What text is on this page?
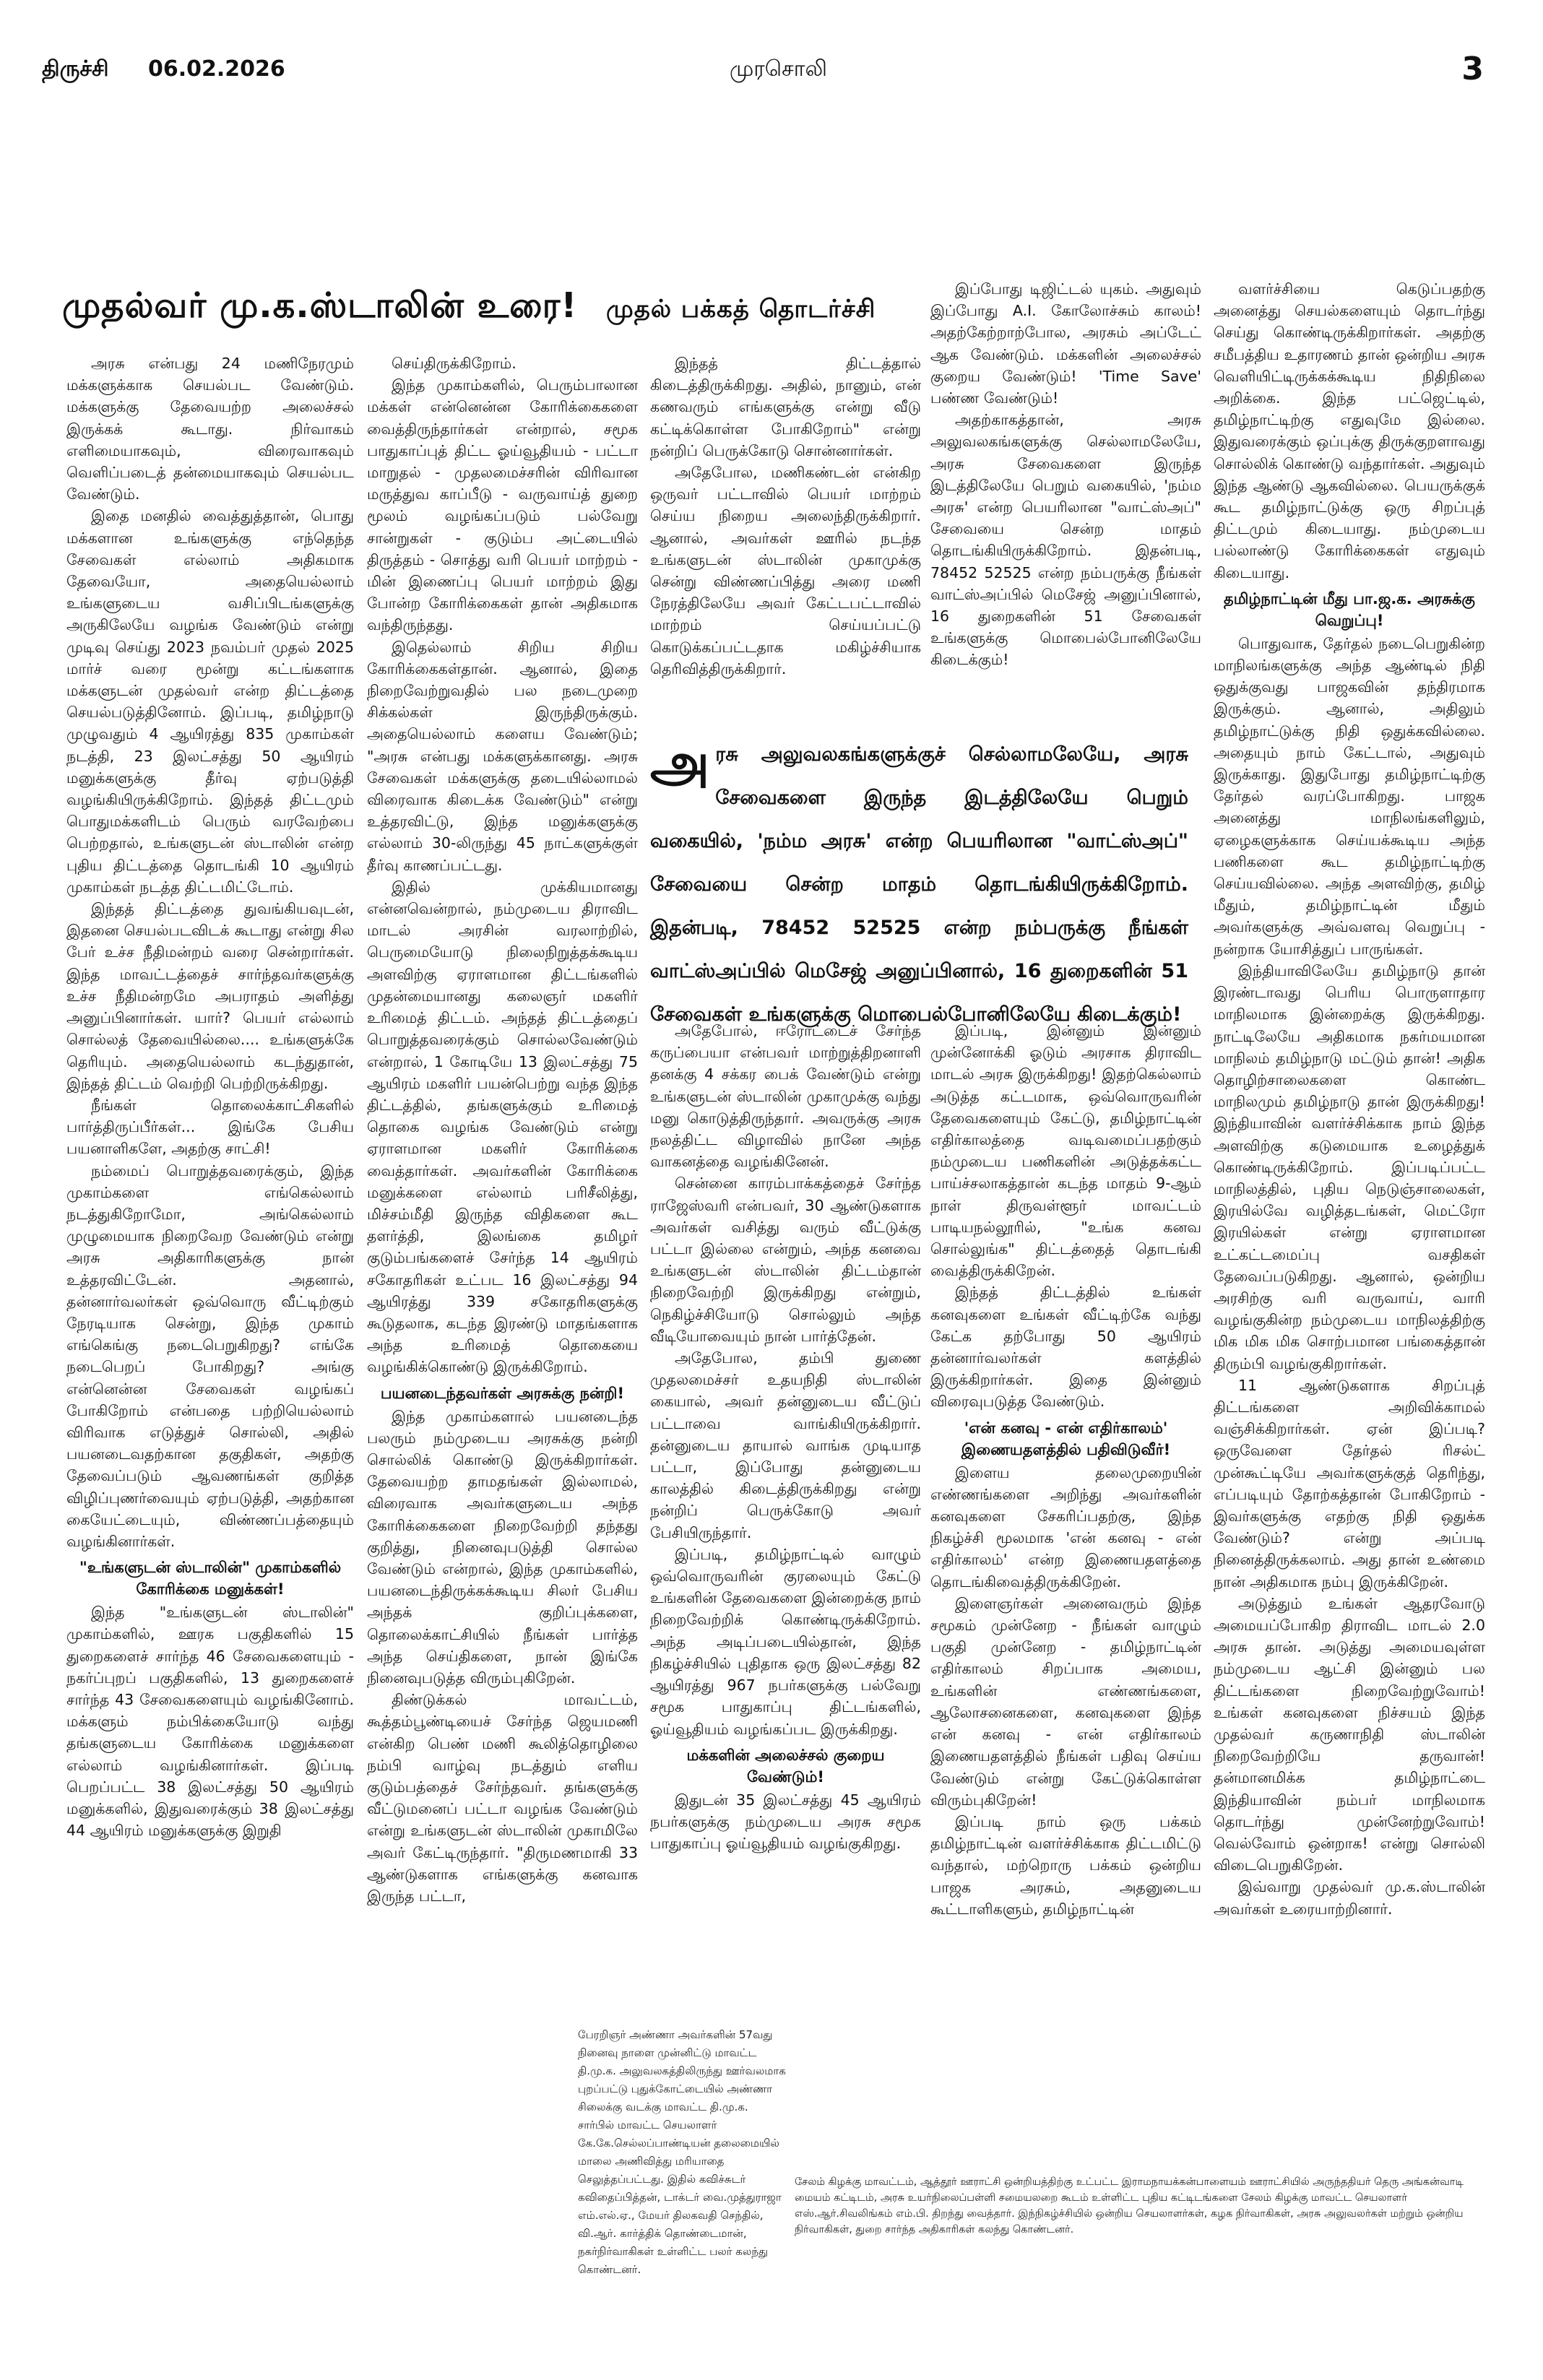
திருச்சி 06.02.2026	முரசொலி	3
முதல்வர் மு.க.ஸ்டாலின் உரை! முதல் பக்கத் தொடர்ச்சி

அரசு என்பது 24 மணிநேரமும் மக்களுக்காக செயல்பட வேண்டும். மக்களுக்கு தேவையற்ற அலைச்சல் இருக்கக் கூடாது. நிர்வாகம் எளிமையாகவும், விரைவாகவும் வெளிப்படைத் தன்மையாகவும் செயல்பட வேண்டும்.

இதை மனதில் வைத்துத்தான், பொது மக்களான உங்களுக்கு எந்தெந்த சேவைகள் எல்லாம் அதிகமாக தேவையோ, அதையெல்லாம் உங்களுடைய வசிப்பிடங்களுக்கு அருகிலேயே வழங்க வேண்டும் என்று முடிவு செய்து 2023 நவம்பர் முதல் 2025 மார்ச் வரை மூன்று கட்டங்களாக மக்களுடன் முதல்வர் என்ற திட்டத்தை செயல்படுத்தினோம். இப்படி, தமிழ்நாடு முழுவதும் 4 ஆயிரத்து 835 முகாம்கள் நடத்தி, 23 இலட்சத்து 50 ஆயிரம் மனுக்களுக்கு தீர்வு ஏற்படுத்தி வழங்கியிருக்கிறோம். இந்தத் திட்டமும் பொதுமக்களிடம் பெரும் வரவேற்பை பெற்றதால், உங்களுடன் ஸ்டாலின் என்ற புதிய திட்டத்தை தொடங்கி 10 ஆயிரம் முகாம்கள் நடத்த திட்டமிட்டோம்.

இந்தத் திட்டத்தை துவங்கியவுடன், இதனை செயல்படவிடக் கூடாது என்று சில பேர் உச்ச நீதிமன்றம் வரை சென்றார்கள். இந்த மாவட்டத்தைச் சார்ந்தவர்களுக்கு உச்ச நீதிமன்றமே அபராதம் அளித்து அனுப்பினார்கள். யார்? பெயர் எல்லாம் சொல்லத் தேவையில்லை.... உங்களுக்கே தெரியும். அதையெல்லாம் கடந்துதான், இந்தத் திட்டம் வெற்றி பெற்றிருக்கிறது.

நீங்கள் தொலைக்காட்சிகளில் பார்த்திருப்பீர்கள்... இங்கே பேசிய பயனாளிகளே, அதற்கு சாட்சி!

நம்மைப் பொறுத்தவரைக்கும், இந்த முகாம்களை எங்கெல்லாம் நடத்துகிறோமோ, அங்கெல்லாம் முழுமையாக நிறைவேற வேண்டும் என்று அரசு அதிகாரிகளுக்கு நான் உத்தரவிட்டேன். அதனால், தன்னார்வலர்கள் ஒவ்வொரு வீட்டிற்கும் நேரடியாக சென்று, இந்த முகாம் எங்கெங்கு நடைபெறுகிறது? எங்கே நடைபெறப் போகிறது? அங்கு என்னென்ன சேவைகள் வழங்கப் போகிறோம் என்பதை பற்றியெல்லாம் விரிவாக எடுத்துச் சொல்லி, அதில் பயனடைவதற்கான தகுதிகள், அதற்கு தேவைப்படும் ஆவணங்கள் குறித்த விழிப்புணர்வையும் ஏற்படுத்தி, அதற்கான கையேட்டையும், விண்ணப்பத்தையும் வழங்கினார்கள்.

"உங்களுடன் ஸ்டாலின்" முகாம்களில் கோரிக்கை மனுக்கள்!

இந்த "உங்களுடன் ஸ்டாலின்" முகாம்களில், ஊரக பகுதிகளில் 15 துறைகளைச் சார்ந்த 46 சேவைகளையும் - நகர்ப்புறப் பகுதிகளில், 13 துறைகளைச் சார்ந்த 43 சேவைகளையும் வழங்கினோம். மக்களும் நம்பிக்கையோடு வந்து தங்களுடைய கோரிக்கை மனுக்களை எல்லாம் வழங்கினார்கள். இப்படி பெறப்பட்ட 38 இலட்சத்து 50 ஆயிரம் மனுக்களில், இதுவரைக்கும் 38 இலட்சத்து 44 ஆயிரம் மனுக்களுக்கு இறுதி

செய்திருக்கிறோம்.

இந்த முகாம்களில், பெரும்பாலான மக்கள் என்னென்ன கோரிக்கைகளை வைத்திருந்தார்கள் என்றால், சமூக பாதுகாப்புத் திட்ட ஓய்வூதியம் - பட்டா மாறுதல் - முதலமைச்சரின் விரிவான மருத்துவ காப்பீடு - வருவாய்த் துறை மூலம் வழங்கப்படும் பல்வேறு சான்றுகள் - குடும்ப அட்டையில் திருத்தம் - சொத்து வரி பெயர் மாற்றம் - மின் இணைப்பு பெயர் மாற்றம் இது போன்ற கோரிக்கைகள் தான் அதிகமாக வந்திருந்தது.

இதெல்லாம் சிறிய சிறிய கோரிக்கைகள்தான். ஆனால், இதை நிறைவேற்றுவதில் பல நடைமுறை சிக்கல்கள் இருந்திருக்கும். அதையெல்லாம் களைய வேண்டும்; "அரசு என்பது மக்களுக்கானது. அரசு சேவைகள் மக்களுக்கு தடையில்லாமல் விரைவாக கிடைக்க வேண்டும்" என்று உத்தரவிட்டு, இந்த மனுக்களுக்கு எல்லாம் 30-லிருந்து 45 நாட்களுக்குள் தீர்வு காணப்பட்டது.

இதில் முக்கியமானது என்னவென்றால், நம்முடைய திராவிட மாடல் அரசின் வரலாற்றில், பெருமையோடு நிலைநிறுத்தக்கூடிய அளவிற்கு ஏராளமான திட்டங்களில் முதன்மையானது கலைஞர் மகளிர் உரிமைத் திட்டம். அந்தத் திட்டத்தைப் பொறுத்தவரைக்கும் சொல்லவேண்டும் என்றால், 1 கோடியே 13 இலட்சத்து 75 ஆயிரம் மகளிர் பயன்பெற்று வந்த இந்த திட்டத்தில், தங்களுக்கும் உரிமைத் தொகை வழங்க வேண்டும் என்று ஏராளமான மகளிர் கோரிக்கை வைத்தார்கள். அவர்களின் கோரிக்கை மனுக்களை எல்லாம் பரிசீலித்து, மிச்சம்மீதி இருந்த விதிகளை கூட தளர்த்தி, இலங்கை தமிழர் குடும்பங்களைச் சேர்ந்த 14 ஆயிரம் சகோதரிகள் உட்பட 16 இலட்சத்து 94 ஆயிரத்து 339 சகோதரிகளுக்கு கூடுதலாக, கடந்த இரண்டு மாதங்களாக அந்த உரிமைத் தொகையை வழங்கிக்கொண்டு இருக்கிறோம்.

பயனடைந்தவர்கள் அரசுக்கு நன்றி!

இந்த முகாம்களால் பயனடைந்த பலரும் நம்முடைய அரசுக்கு நன்றி சொல்லிக் கொண்டு இருக்கிறார்கள். தேவையற்ற தாமதங்கள் இல்லாமல், விரைவாக அவர்களுடைய அந்த கோரிக்கைகளை நிறைவேற்றி தந்தது குறித்து, நினைவுபடுத்தி சொல்ல வேண்டும் என்றால், இந்த முகாம்களில், பயனடைந்திருக்கக்கூடிய சிலர் பேசிய அந்தக் குறிப்புக்களை, தொலைக்காட்சியில் நீங்கள் பார்த்த அந்த செய்திகளை, நான் இங்கே நினைவுபடுத்த விரும்புகிறேன்.

திண்டுக்கல் மாவட்டம், கூத்தம்பூண்டியைச் சேர்ந்த ஜெயமணி என்கிற பெண் மணி கூலித்தொழிலை நம்பி வாழ்வு நடத்தும் எளிய குடும்பத்தைச் சேர்ந்தவர். தங்களுக்கு வீட்டுமனைப் பட்டா வழங்க வேண்டும் என்று உங்களுடன் ஸ்டாலின் முகாமிலே அவர் கேட்டிருந்தார். "திருமணமாகி 33 ஆண்டுகளாக எங்களுக்கு கனவாக இருந்த பட்டா,

இந்தத் திட்டத்தால் கிடைத்திருக்கிறது. அதில், நானும், என் கணவரும் எங்களுக்கு என்று வீடு கட்டிக்கொள்ள போகிறோம்" என்று நன்றிப் பெருக்கோடு சொன்னார்கள்.

அதேபோல, மணிகண்டன் என்கிற ஒருவர் பட்டாவில் பெயர் மாற்றம் செய்ய நிறைய அலைந்திருக்கிறார். ஆனால், அவர்கள் ஊரில் நடந்த உங்களுடன் ஸ்டாலின் முகாமுக்கு சென்று விண்ணப்பித்து அரை மணி நேரத்திலேயே அவர் கேட்டபட்டாவில் மாற்றம் செய்யப்பட்டு கொடுக்கப்பட்டதாக மகிழ்ச்சியாக தெரிவித்திருக்கிறார்.

இப்போது டிஜிட்டல் யுகம். அதுவும் இப்போது A.I. கோலோச்சும் காலம்! அதற்கேற்றாற்போல, அரசும் அப்டேட் ஆக வேண்டும். மக்களின் அலைச்சல் குறைய வேண்டும்! 'Time Save' பண்ண வேண்டும்!

அதற்காகத்தான், அரசு அலுவலகங்களுக்கு செல்லாமலேயே, அரசு சேவைகளை இருந்த இடத்திலேயே பெறும் வகையில், 'நம்ம அரசு' என்ற பெயரிலான "வாட்ஸ்அப்" சேவையை சென்ற மாதம் தொடங்கியிருக்கிறோம். இதன்படி, 78452 52525 என்ற நம்பருக்கு நீங்கள் வாட்ஸ்அப்பில் மெசேஜ் அனுப்பினால், 16 துறைகளின் 51 சேவைகள் உங்களுக்கு மொபைல்போனிலேயே கிடைக்கும்!

அ ரசு அலுவலகங்களுக்குச் செல்லாமலேயே, அரசு சேவைகளை இருந்த இடத்திலேயே பெறும் வகையில், 'நம்ம அரசு' என்ற பெயரிலான "வாட்ஸ்அப்" சேவையை சென்ற மாதம் தொடங்கியிருக்கிறோம். இதன்படி, 78452 52525 என்ற நம்பருக்கு நீங்கள் வாட்ஸ்அப்பில் மெசேஜ் அனுப்பினால், 16 துறைகளின் 51 சேவைகள் உங்களுக்கு மொபைல்போனிலேயே கிடைக்கும்!

அதேபோல், ஈரோட்டைச் சேர்ந்த கருப்பையா என்பவர் மாற்றுத்திறனாளி தனக்கு 4 சக்கர பைக் வேண்டும் என்று உங்களுடன் ஸ்டாலின் முகாமுக்கு வந்து மனு கொடுத்திருந்தார். அவருக்கு அரசு நலத்திட்ட விழாவில் நானே அந்த வாகனத்தை வழங்கினேன்.

சென்னை காரம்பாக்கத்தைச் சேர்ந்த ராஜேஸ்வரி என்பவர், 30 ஆண்டுகளாக அவர்கள் வசித்து வரும் வீட்டுக்கு பட்டா இல்லை என்றும், அந்த கனவை உங்களுடன் ஸ்டாலின் திட்டம்தான் நிறைவேற்றி இருக்கிறது என்றும், நெகிழ்ச்சியோடு சொல்லும் அந்த வீடியோவையும் நான் பார்த்தேன்.

அதேபோல, தம்பி துணை முதலமைச்சர் உதயநிதி ஸ்டாலின் கையால், அவர் தன்னுடைய வீட்டுப் பட்டாவை வாங்கியிருக்கிறார். தன்னுடைய தாயால் வாங்க முடியாத பட்டா, இப்போது தன்னுடைய காலத்தில் கிடைத்திருக்கிறது என்று நன்றிப் பெருக்கோடு அவர் பேசியிருந்தார்.

இப்படி, தமிழ்நாட்டில் வாழும் ஒவ்வொருவரின் குரலையும் கேட்டு உங்களின் தேவைகளை இன்றைக்கு நாம் நிறைவேற்றிக் கொண்டிருக்கிறோம். அந்த அடிப்படையில்தான், இந்த நிகழ்ச்சியில் புதிதாக ஒரு இலட்சத்து 82 ஆயிரத்து 967 நபர்களுக்கு பல்வேறு சமூக பாதுகாப்பு திட்டங்களில், ஓய்வூதியம் வழங்கப்பட இருக்கிறது.

மக்களின் அலைச்சல் குறைய வேண்டும்!

இதுடன் 35 இலட்சத்து 45 ஆயிரம் நபர்களுக்கு நம்முடைய அரசு சமூக பாதுகாப்பு ஓய்வூதியம் வழங்குகிறது.

இப்படி, இன்னும் இன்னும் முன்னோக்கி ஓடும் அரசாக திராவிட மாடல் அரசு இருக்கிறது! இதற்கெல்லாம் அடுத்த கட்டமாக, ஒவ்வொருவரின் தேவைகளையும் கேட்டு, தமிழ்நாட்டின் எதிர்காலத்தை வடிவமைப்பதற்கும் நம்முடைய பணிகளின் அடுத்தக்கட்ட பாய்ச்சலாகத்தான் கடந்த மாதம் 9-ஆம் நாள் திருவள்ளூர் மாவட்டம் பாடியநல்லூரில், "உங்க கனவ சொல்லுங்க" திட்டத்தைத் தொடங்கி வைத்திருக்கிறேன்.

இந்தத் திட்டத்தில் உங்கள் கனவுகளை உங்கள் வீட்டிற்கே வந்து கேட்க தற்போது 50 ஆயிரம் தன்னார்வலர்கள் களத்தில் இருக்கிறார்கள். இதை இன்னும் விரைவுபடுத்த வேண்டும்.

'என் கனவு - என் எதிர்காலம்' இணையதளத்தில் பதிவிடுவீர்!

இளைய தலைமுறையின் எண்ணங்களை அறிந்து அவர்களின் கனவுகளை சேகரிப்பதற்கு, இந்த நிகழ்ச்சி மூலமாக 'என் கனவு - என் எதிர்காலம்' என்ற இணையதளத்தை தொடங்கிவைத்திருக்கிறேன்.

இளைஞர்கள் அனைவரும் இந்த சமூகம் முன்னேற - நீங்கள் வாழும் பகுதி முன்னேற - தமிழ்நாட்டின் எதிர்காலம் சிறப்பாக அமைய, உங்களின் எண்ணங்களை, ஆலோசனைகளை, கனவுகளை இந்த என் கனவு - என் எதிர்காலம் இணையதளத்தில் நீங்கள் பதிவு செய்ய வேண்டும் என்று கேட்டுக்கொள்ள விரும்புகிறேன்!

இப்படி நாம் ஒரு பக்கம் தமிழ்நாட்டின் வளர்ச்சிக்காக திட்டமிட்டு வந்தால், மற்றொரு பக்கம் ஒன்றிய பாஜக அரசும், அதனுடைய கூட்டாளிகளும், தமிழ்நாட்டின்

வளர்ச்சியை கெடுப்பதற்கு அனைத்து செயல்களையும் தொடர்ந்து செய்து கொண்டிருக்கிறார்கள். அதற்கு சமீபத்திய உதாரணம் தான் ஒன்றிய அரசு வெளியிட்டிருக்கக்கூடிய நிதிநிலை அறிக்கை. இந்த பட்ஜெட்டில், தமிழ்நாட்டிற்கு எதுவுமே இல்லை. இதுவரைக்கும் ஒப்புக்கு திருக்குறளாவது சொல்லிக் கொண்டு வந்தார்கள். அதுவும் இந்த ஆண்டு ஆகவில்லை. பெயருக்குக் கூட தமிழ்நாட்டுக்கு ஒரு சிறப்புத் திட்டமும் கிடையாது. நம்முடைய பல்லாண்டு கோரிக்கைகள் எதுவும் கிடையாது.

தமிழ்நாட்டின் மீது பா.ஜ.க. அரசுக்கு வெறுப்பு!

பொதுவாக, தேர்தல் நடைபெறுகின்ற மாநிலங்களுக்கு அந்த ஆண்டில் நிதி ஒதுக்குவது பாஜகவின் தந்திரமாக இருக்கும். ஆனால், அதிலும் தமிழ்நாட்டுக்கு நிதி ஒதுக்கவில்லை. அதையும் நாம் கேட்டால், அதுவும் இருக்காது. இதுபோது தமிழ்நாட்டிற்கு தேர்தல் வரப்போகிறது. பாஜக அனைத்து மாநிலங்களிலும், ஏழைகளுக்காக செய்யக்கூடிய அந்த பணிகளை கூட தமிழ்நாட்டிற்கு செய்யவில்லை. அந்த அளவிற்கு, தமிழ் மீதும், தமிழ்நாட்டின் மீதும் அவர்களுக்கு அவ்வளவு வெறுப்பு - நன்றாக யோசித்துப் பாருங்கள்.

இந்தியாவிலேயே தமிழ்நாடு தான் இரண்டாவது பெரிய பொருளாதார மாநிலமாக இன்றைக்கு இருக்கிறது. நாட்டிலேயே அதிகமாக நகர்மயமான மாநிலம் தமிழ்நாடு மட்டும் தான்! அதிக தொழிற்சாலைகளை கொண்ட மாநிலமும் தமிழ்நாடு தான் இருக்கிறது! இந்தியாவின் வளர்ச்சிக்காக நாம் இந்த அளவிற்கு கடுமையாக உழைத்துக் கொண்டிருக்கிறோம். இப்படிப்பட்ட மாநிலத்தில், புதிய நெடுஞ்சாலைகள், இரயில்வே வழித்தடங்கள், மெட்ரோ இரயில்கள் என்று ஏராளமான உட்கட்டமைப்பு வசதிகள் தேவைப்படுகிறது. ஆனால், ஒன்றிய அரசிற்கு வரி வருவாய், வாரி வழங்குகின்ற நம்முடைய மாநிலத்திற்கு மிக மிக மிக சொற்பமான பங்கைத்தான் திரும்பி வழங்குகிறார்கள்.

11 ஆண்டுகளாக சிறப்புத் திட்டங்களை அறிவிக்காமல் வஞ்சிக்கிறார்கள். ஏன் இப்படி? ஒருவேளை தேர்தல் ரிசல்ட் முன்கூட்டியே அவர்களுக்குத் தெரிந்து, எப்படியும் தோற்கத்தான் போகிறோம் - இவர்களுக்கு எதற்கு நிதி ஒதுக்க வேண்டும்? என்று அப்படி நினைத்திருக்கலாம். அது தான் உண்மை நான் அதிகமாக நம்பு இருக்கிறேன்.

அடுத்தும் உங்கள் ஆதரவோடு அமையப்போகிற திராவிட மாடல் 2.0 அரசு தான். அடுத்து அமையவுள்ள நம்முடைய ஆட்சி இன்னும் பல திட்டங்களை நிறைவேற்றுவோம்! உங்கள் கனவுகளை நிச்சயம் இந்த முதல்வர் கருணாநிதி ஸ்டாலின் நிறைவேற்றியே தருவான்! தன்மானமிக்க தமிழ்நாட்டை இந்தியாவின் நம்பர் மாநிலமாக தொடர்ந்து முன்னேற்றுவோம்! வெல்வோம் ஒன்றாக! என்று சொல்லி விடைபெறுகிறேன்.

இவ்வாறு முதல்வர் மு.க.ஸ்டாலின் அவர்கள் உரையாற்றினார்.

பேரறிஞர் அண்ணா அவர்களின் 57வது நினைவு நாளை முன்னிட்டு மாவட்ட தி.மு.க. அலுவலகத்திலிருந்து ஊர்வலமாக புறப்பட்டு புதுக்கோட்டையில் அண்ணா சிலைக்கு வடக்கு மாவட்ட தி.மு.க. சார்பில் மாவட்ட செயலாளர் கே.கே.செல்லப்பாண்டியன் தலைமையில் மாலை அணிவித்து மரியாதை செலுத்தப்பட்டது. இதில் கவிச்சுடர் கவிதைப்பித்தன், டாக்டர் வை.முத்துராஜா எம்.எல்.ஏ., மேயர் திலகவதி செந்தில், வி.ஆர். கார்த்திக் தொண்டைமான், நகர்நிர்வாகிகள் உள்ளிட்ட பலர் கலந்து கொண்டனர்.
சேலம் கிழக்கு மாவட்டம், ஆத்தூர் ஊராட்சி ஒன்றியத்திற்கு உட்பட்ட இராமநாயக்கன்பாளையம் ஊராட்சியில் அருந்ததியர் தெரு அங்கன்வாடி மையம் கட்டிடம், அரசு உயர்நிலைப்பள்ளி சமையலறை கூடம் உள்ளிட்ட புதிய கட்டிடங்களை சேலம் கிழக்கு மாவட்ட செயலாளர் எஸ்.ஆர்.சிவலிங்கம் எம்.பி. திறந்து வைத்தார். இந்நிகழ்ச்சியில் ஒன்றிய செயலாளர்கள், கழக நிர்வாகிகள், அரசு அலுவலர்கள் மற்றும் ஒன்றிய நிர்வாகிகள், துறை சார்ந்த அதிகாரிகள் கலந்து கொண்டனர்.
